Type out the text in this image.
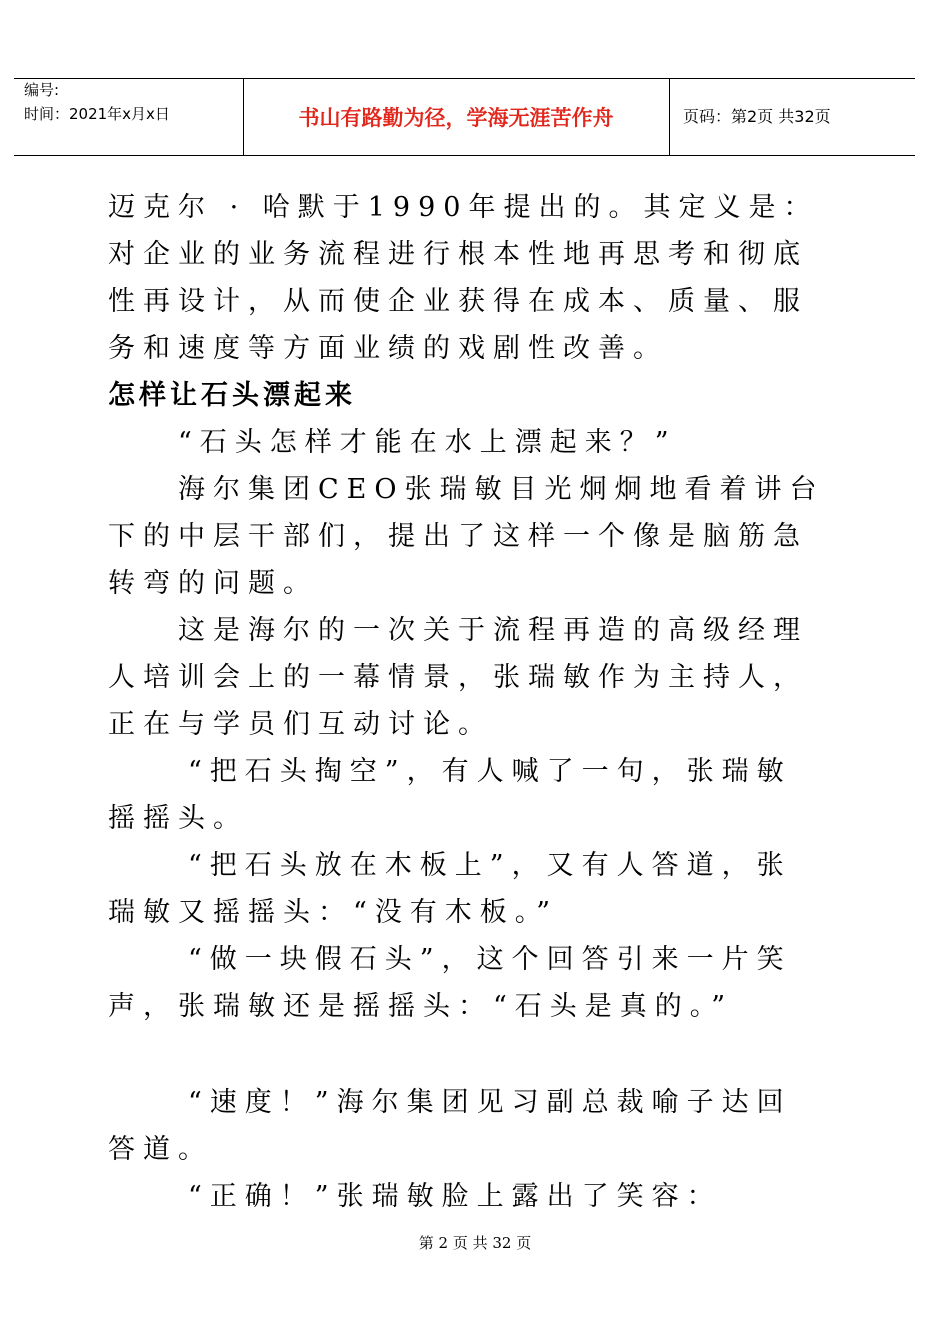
编号:
时间：2021年x月x日	书山有路勤为径，学海无涯苦作舟	页码：第2页 共32页
迈克尔 · 哈默于1990年提出的。其定义是：
对企业的业务流程进行根本性地再思考和彻底
性再设计，从而使企业获得在成本、质量、服
务和速度等方面业绩的戏剧性改善。
怎样让石头漂起来
“石头怎样才能在水上漂起来？”
海尔集团CEO张瑞敏目光炯炯地看着讲台
下的中层干部们，提出了这样一个像是脑筋急
转弯的问题。
这是海尔的一次关于流程再造的高级经理
人培训会上的一幕情景，张瑞敏作为主持人，
正在与学员们互动讨论。
“把石头掏空”，有人喊了一句，张瑞敏
摇摇头。
“把石头放在木板上”，又有人答道，张
瑞敏又摇摇头：“没有木板。”
“做一块假石头”，这个回答引来一片笑
声，张瑞敏还是摇摇头：“石头是真的。”
“速度！”海尔集团见习副总裁喻子达回
答道。
“正确！”张瑞敏脸上露出了笑容：
第 2 页 共 32 页
